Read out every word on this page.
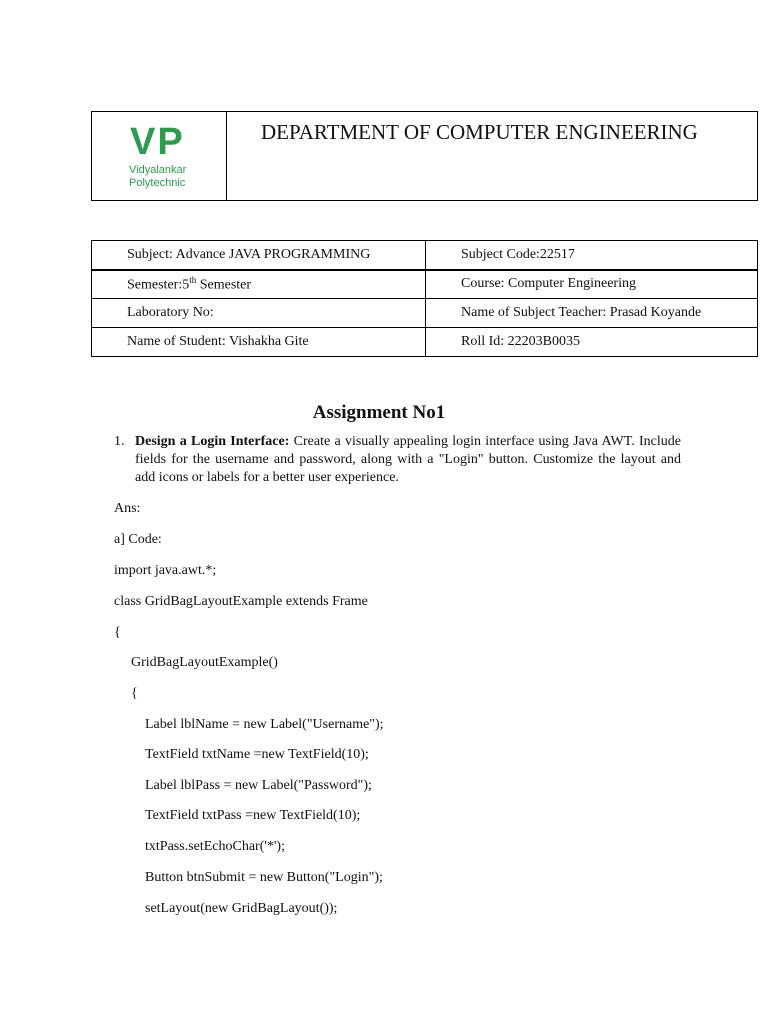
VP
Vidyalankar
Polytechnic
DEPARTMENT OF COMPUTER ENGINEERING
Subject: Advance JAVA PROGRAMMING	Subject Code:22517
Semester:5th Semester	Course: Computer Engineering
Laboratory No:	Name of Subject Teacher: Prasad Koyande
Name of Student: Vishakha Gite	Roll Id: 22203B0035
Assignment No1
1. Design a Login Interface: Create a visually appealing login interface using Java AWT. Include fields for the username and password, along with a "Login" button. Customize the layout and add icons or labels for a better user experience.
Ans:
a] Code:
import java.awt.*;
class GridBagLayoutExample extends Frame
{
GridBagLayoutExample()
{
Label lblName = new Label("Username");
TextField txtName =new TextField(10);
Label lblPass = new Label("Password");
TextField txtPass =new TextField(10);
txtPass.setEchoChar('*');
Button btnSubmit = new Button("Login");
setLayout(new GridBagLayout());
